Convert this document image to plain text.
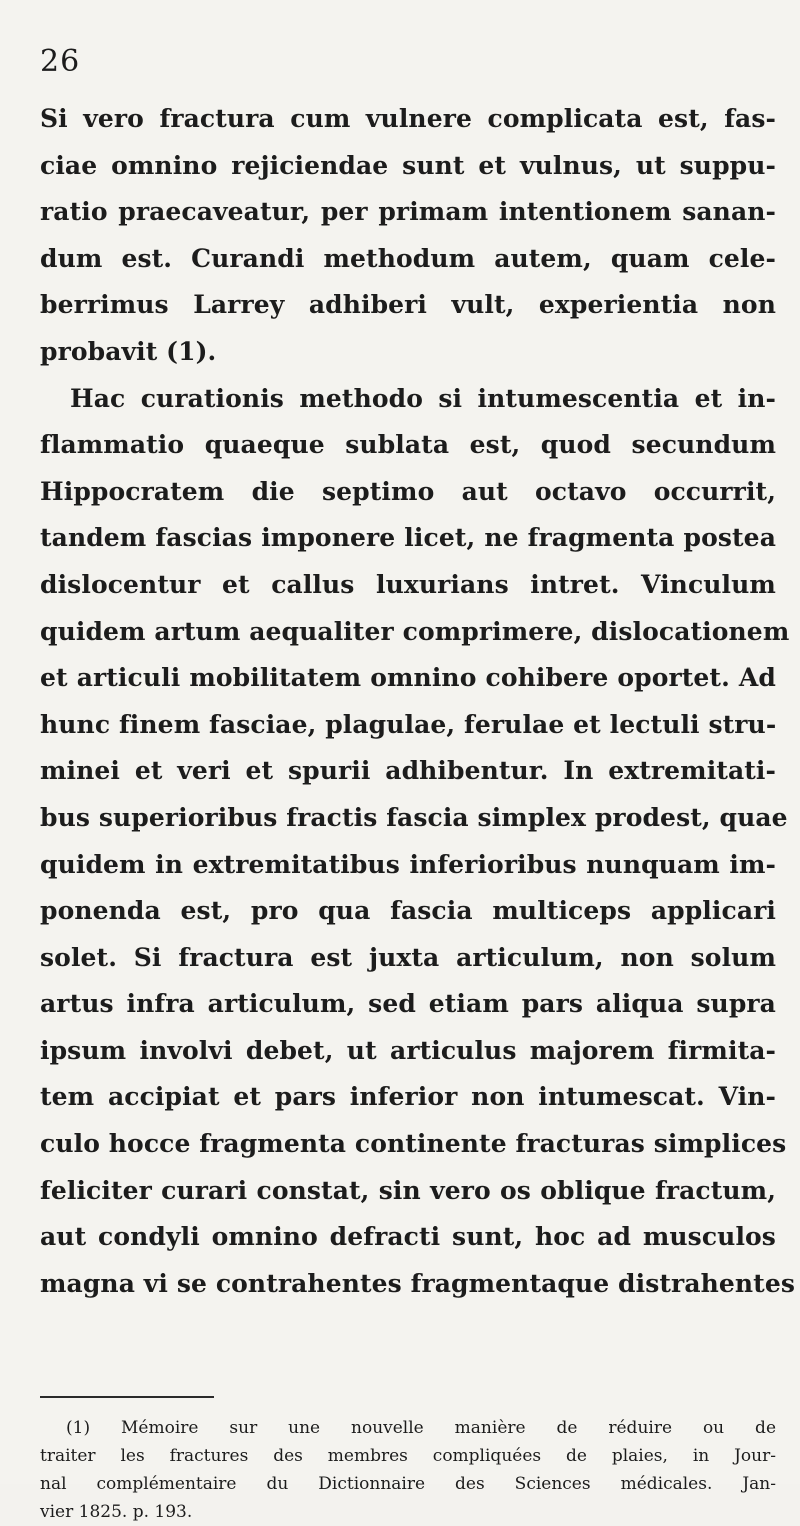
26
Si vero fractura cum vulnere complicata est, fas-
ciae omnino rejiciendae sunt et vulnus, ut suppu-
ratio praecaveatur, per primam intentionem sanan-
dum est. Curandi methodum autem, quam cele-
berrimus Larrey adhiberi vult, experientia non
probavit (1).
Hac curationis methodo si intumescentia et in-
flammatio quaeque sublata est, quod secundum
Hippocratem die septimo aut octavo occurrit,
tandem fascias imponere licet, ne fragmenta postea
dislocentur et callus luxurians intret. Vinculum
quidem artum aequaliter comprimere, dislocationem
et articuli mobilitatem omnino cohibere oportet. Ad
hunc finem fasciae, plagulae, ferulae et lectuli stru-
minei et veri et spurii adhibentur. In extremitati-
bus superioribus fractis fascia simplex prodest, quae
quidem in extremitatibus inferioribus nunquam im-
ponenda est, pro qua fascia multiceps applicari
solet. Si fractura est juxta articulum, non solum
artus infra articulum, sed etiam pars aliqua supra
ipsum involvi debet, ut articulus majorem firmita-
tem accipiat et pars inferior non intumescat. Vin-
culo hocce fragmenta continente fracturas simplices
feliciter curari constat, sin vero os oblique fractum,
aut condyli omnino defracti sunt, hoc ad musculos
magna vi se contrahentes fragmentaque distrahentes
(1) Mémoire sur une nouvelle manière de réduire ou de
traiter les fractures des membres compliquées de plaies, in Jour-
nal complémentaire du Dictionnaire des Sciences médicales. Jan-
vier 1825. p. 193.
